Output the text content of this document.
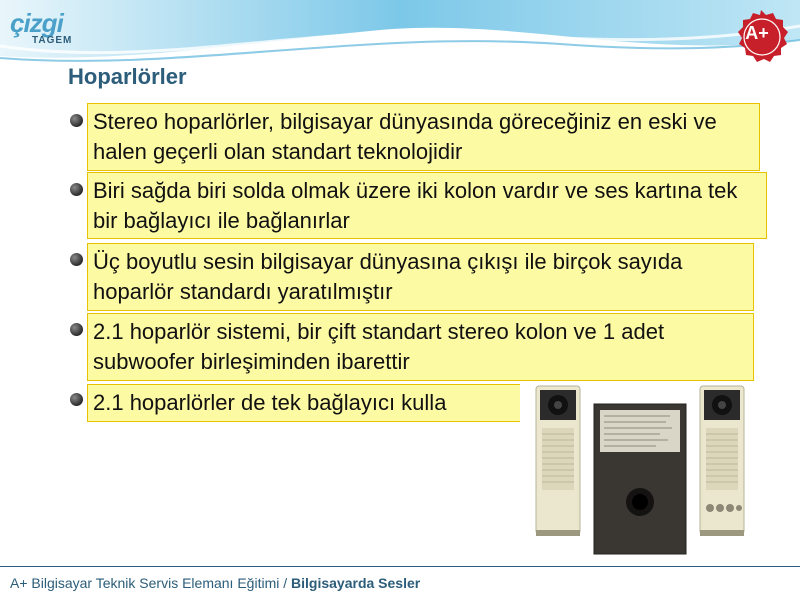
çizgi
TAGEM	A+
Hoparlörler
Stereo hoparlörler, bilgisayar dünyasında göreceğiniz en eski ve halen geçerli olan standart teknolojidir
Biri sağda biri solda olmak üzere iki kolon vardır ve ses kartına tek bir bağlayıcı ile bağlanırlar
Üç boyutlu sesin bilgisayar dünyasına çıkışı ile birçok sayıda hoparlör standardı yaratılmıştır
2.1 hoparlör sistemi, bir çift standart stereo kolon ve 1 adet subwoofer birleşiminden ibarettir
2.1 hoparlörler de tek bağlayıcı kulla
A+ Bilgisayar Teknik Servis Elemanı Eğitimi / Bilgisayarda Sesler
